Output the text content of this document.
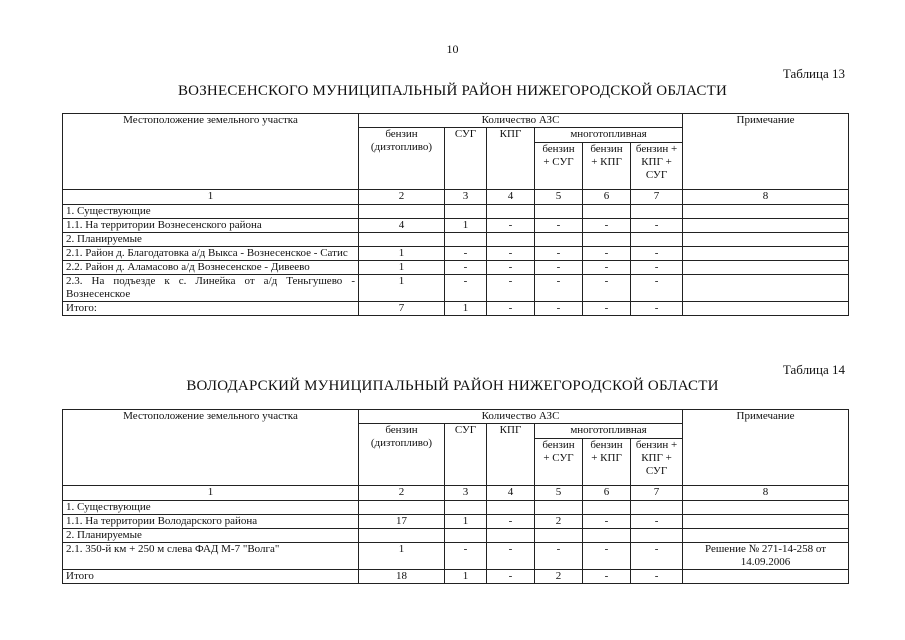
10
Таблица 13
ВОЗНЕСЕНСКОГО МУНИЦИПАЛЬНЫЙ РАЙОН НИЖЕГОРОДСКОЙ ОБЛАСТИ
Местоположение земельного участка	Количество АЗС						Примечание
	бензин (дизтопливо)	СУГ	КПГ	многотопливная			
				бензин + СУГ	бензин + КПГ	бензин + КПГ + СУГ	
1	2	3	4	5	6	7	8
1. Существующие							
1.1. На территории Вознесенского района	4	1	-	-	-	-	
2. Планируемые							
2.1. Район д. Благодатовка а/д Выкса - Вознесенское - Сатис	1	-	-	-	-	-	
2.2. Район д. Аламасово а/д Вознесенское - Дивеево	1	-	-	-	-	-	
2.3. На подъезде к с. Линейка от а/д Теньгушево - Вознесенское	1	-	-	-	-	-	
Итого:	7	1	-	-	-	-	
Таблица 14
ВОЛОДАРСКИЙ МУНИЦИПАЛЬНЫЙ РАЙОН НИЖЕГОРОДСКОЙ ОБЛАСТИ
Местоположение земельного участка	Количество АЗС						Примечание
	бензин (дизтопливо)	СУГ	КПГ	многотопливная			
				бензин + СУГ	бензин + КПГ	бензин + КПГ + СУГ	
1	2	3	4	5	6	7	8
1. Существующие							
1.1. На территории Володарского района	17	1	-	2	-	-	
2. Планируемые							
2.1. 350-й км + 250 м слева ФАД М-7 "Волга"	1	-	-	-	-	-	Решение № 271-14-258 от 14.09.2006
Итого	18	1	-	2	-	-	
